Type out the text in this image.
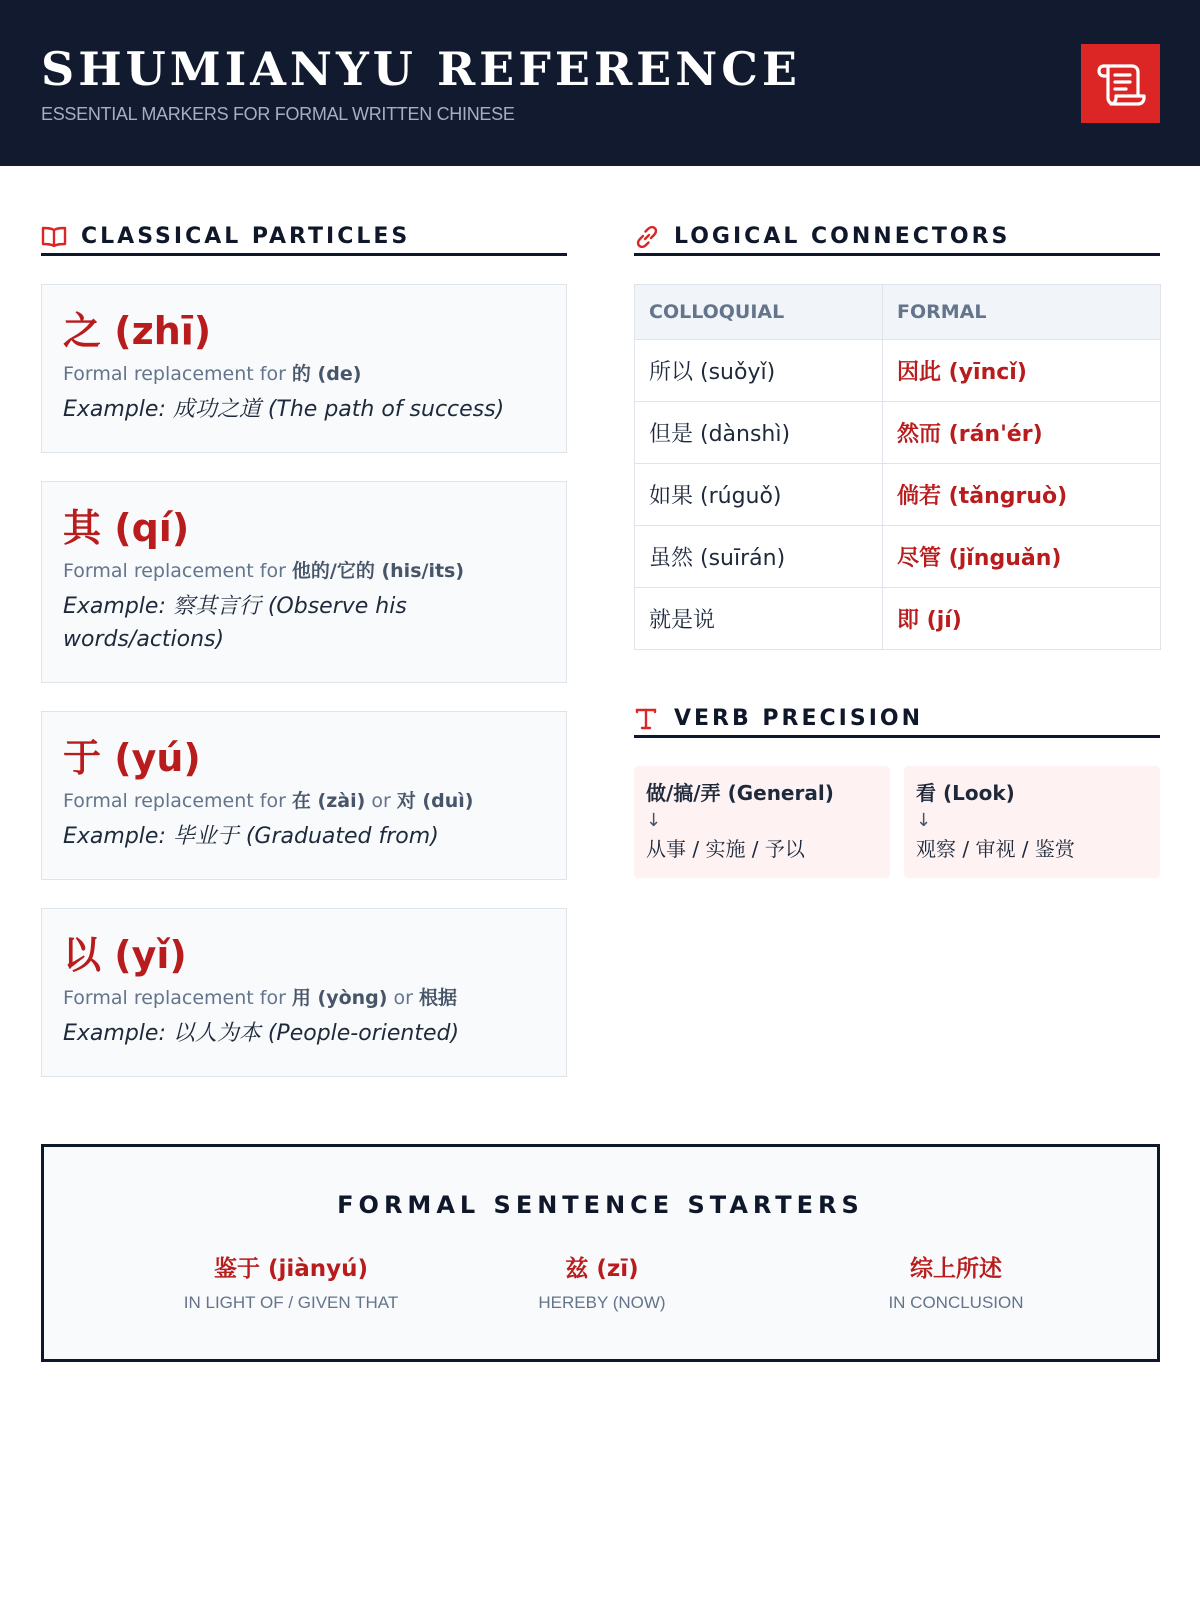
SHUMIANYU REFERENCE
ESSENTIAL MARKERS FOR FORMAL WRITTEN CHINESE
CLASSICAL PARTICLES
之 (zhī)
Formal replacement for 的 (de)
Example: 成功之道 (The path of success)
其 (qí)
Formal replacement for 他的/它的 (his/its)
Example: 察其言行 (Observe his words/actions)
于 (yú)
Formal replacement for 在 (zài) or 对 (duì)
Example: 毕业于 (Graduated from)
以 (yǐ)
Formal replacement for 用 (yòng) or 根据
Example: 以人为本 (People-oriented)
LOGICAL CONNECTORS
COLLOQUIAL	FORMAL
所以 (suǒyǐ)	因此 (yīncǐ)
但是 (dànshì)	然而 (rán'ér)
如果 (rúguǒ)	倘若 (tǎngruò)
虽然 (suīrán)	尽管 (jǐnguǎn)
就是说	即 (jí)
VERB PRECISION
做/搞/弄 (General)
↓
从事 / 实施 / 予以
看 (Look)
↓
观察 / 审视 / 鉴赏
FORMAL SENTENCE STARTERS
鉴于 (jiànyú)
IN LIGHT OF / GIVEN THAT
兹 (zī)
HEREBY (NOW)
综上所述
IN CONCLUSION
